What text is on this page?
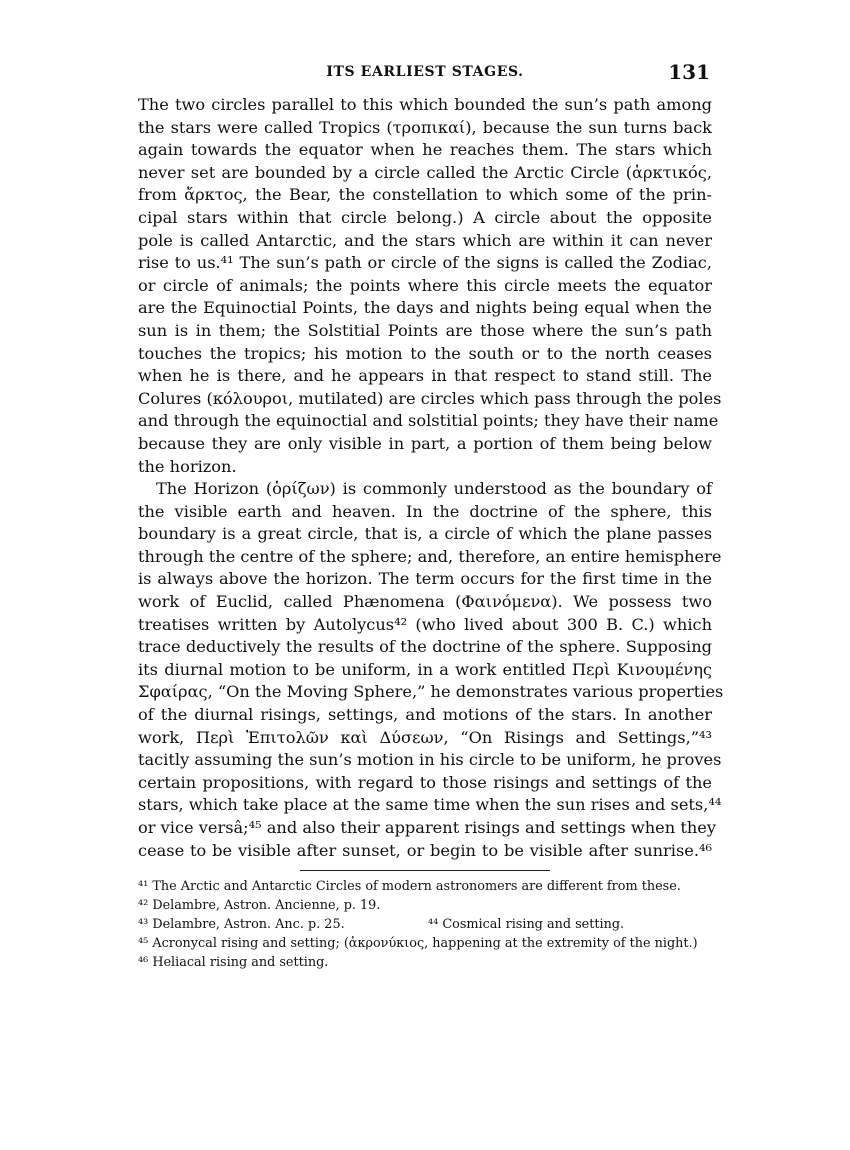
ITS EARLIEST STAGES.	131

The two circles parallel to this which bounded the sun’s path among
the stars were called Tropics (τροπικαί), because the sun turns back
again towards the equator when he reaches them. The stars which
never set are bounded by a circle called the Arctic Circle (ἀρκτικός,
from ἄρκτος, the Bear, the constellation to which some of the prin-
cipal stars within that circle belong.) A circle about the opposite
pole is called Antarctic, and the stars which are within it can never
rise to us.⁴¹ The sun’s path or circle of the signs is called the Zodiac,
or circle of animals; the points where this circle meets the equator
are the Equinoctial Points, the days and nights being equal when the
sun is in them; the Solstitial Points are those where the sun’s path
touches the tropics; his motion to the south or to the north ceases
when he is there, and he appears in that respect to stand still. The
Colures (κόλουροι, mutilated) are circles which pass through the poles
and through the equinoctial and solstitial points; they have their name
because they are only visible in part, a portion of them being below
the horizon.

The Horizon (ὁρίζων) is commonly understood as the boundary of
the visible earth and heaven. In the doctrine of the sphere, this
boundary is a great circle, that is, a circle of which the plane passes
through the centre of the sphere; and, therefore, an entire hemisphere
is always above the horizon. The term occurs for the first time in the
work of Euclid, called Phænomena (Φαινόμενα). We possess two
treatises written by Autolycus⁴² (who lived about 300 B. C.) which
trace deductively the results of the doctrine of the sphere. Supposing
its diurnal motion to be uniform, in a work entitled Περὶ Κινουμένης
Σφαίρας, “On the Moving Sphere,” he demonstrates various properties
of the diurnal risings, settings, and motions of the stars. In another
work, Περὶ Ἐπιτολῶν καὶ Δύσεων, “On Risings and Settings,”⁴³
tacitly assuming the sun’s motion in his circle to be uniform, he proves
certain propositions, with regard to those risings and settings of the
stars, which take place at the same time when the sun rises and sets,⁴⁴
or vice versâ;⁴⁵ and also their apparent risings and settings when they
cease to be visible after sunset, or begin to be visible after sunrise.⁴⁶

⁴¹ The Arctic and Antarctic Circles of modern astronomers are different from these.
⁴² Delambre, Astron. Ancienne, p. 19.
⁴³ Delambre, Astron. Anc. p. 25.	⁴⁴ Cosmical rising and setting.
⁴⁵ Acronycal rising and setting; (ἀκρονύκιος, happening at the extremity of the night.)
⁴⁶ Heliacal rising and setting.
